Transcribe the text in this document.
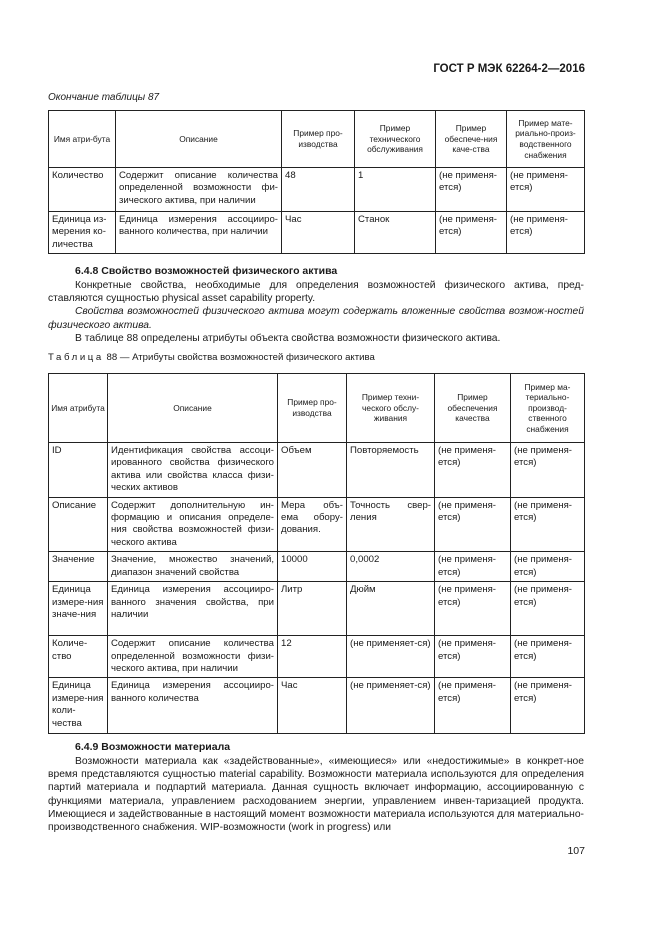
ГОСТ Р МЭК 62264-2—2016
Окончание таблицы 87
Имя атри-бута	Описание	Пример про-изводства	Пример технического обслуживания	Пример обеспече-ния каче-ства	Пример мате-риально-произ-водственного снабжения
Количество	Содержит описание количества определенной возможности фи-зического актива, при наличии	48	1	(не применя-ется)	(не применя-ется)
Единица из-мерения ко-личества	Единица измерения ассоцииро-ванного количества, при наличии	Час	Станок	(не применя-ется)	(не применя-ется)
6.4.8 Свойство возможностей физического актива
Конкретные свойства, необходимые для определения возможностей физического актива, пред-ставляются сущностью physical asset capability property.
Свойства возможностей физического актива могут содержать вложенные свойства возмож-ностей физического актива.
В таблице 88 определены атрибуты объекта свойства возможности физического актива.
Таблица 88 — Атрибуты свойства возможностей физического актива
Имя атрибута	Описание	Пример про-изводства	Пример техни-ческого обслу-живания	Пример обеспечения качества	Пример ма-териально-производ-ственного снабжения
ID	Идентификация свойства ассоци-ированного свойства физического актива или свойства класса физи-ческих активов	Объем	Повторяемость	(не применя-ется)	(не применя-ется)
Описание	Содержит дополнительную ин-формацию и описания определе-ния свойства возможностей физи-ческого актива	Мера объ-ема обору-дования.	Точность свер-ления	(не применя-ется)	(не применя-ется)
Значение	Значение, множество значений, диапазон значений свойства	10000	0,0002	(не применя-ется)	(не применя-ется)
Единица измере-ния значе-ния	Единица измерения ассоцииро-ванного значения свойства, при наличии	Литр	Дюйм	(не применя-ется)	(не применя-ется)
Количе-ство	Содержит описание количества определенной возможности физи-ческого актива, при наличии	12	(не применяет-ся)	(не применя-ется)	(не применя-ется)
Единица измере-ния коли-чества	Единица измерения ассоцииро-ванного количества	Час	(не применяет-ся)	(не применя-ется)	(не применя-ется)
6.4.9 Возможности материала
Возможности материала как «задействованные», «имеющиеся» или «недостижимые» в конкрет-ное время представляются сущностью material capability. Возможности материала используются для определения партий материала и подпартий материала. Данная сущность включает информацию, ассоциированную с функциями материала, управлением расходованием энергии, управлением инвен-таризацией продукта. Имеющиеся и задействованные в настоящий момент возможности материала используются для материально-производственного снабжения. WIP-возможности (work in progress) или
107
